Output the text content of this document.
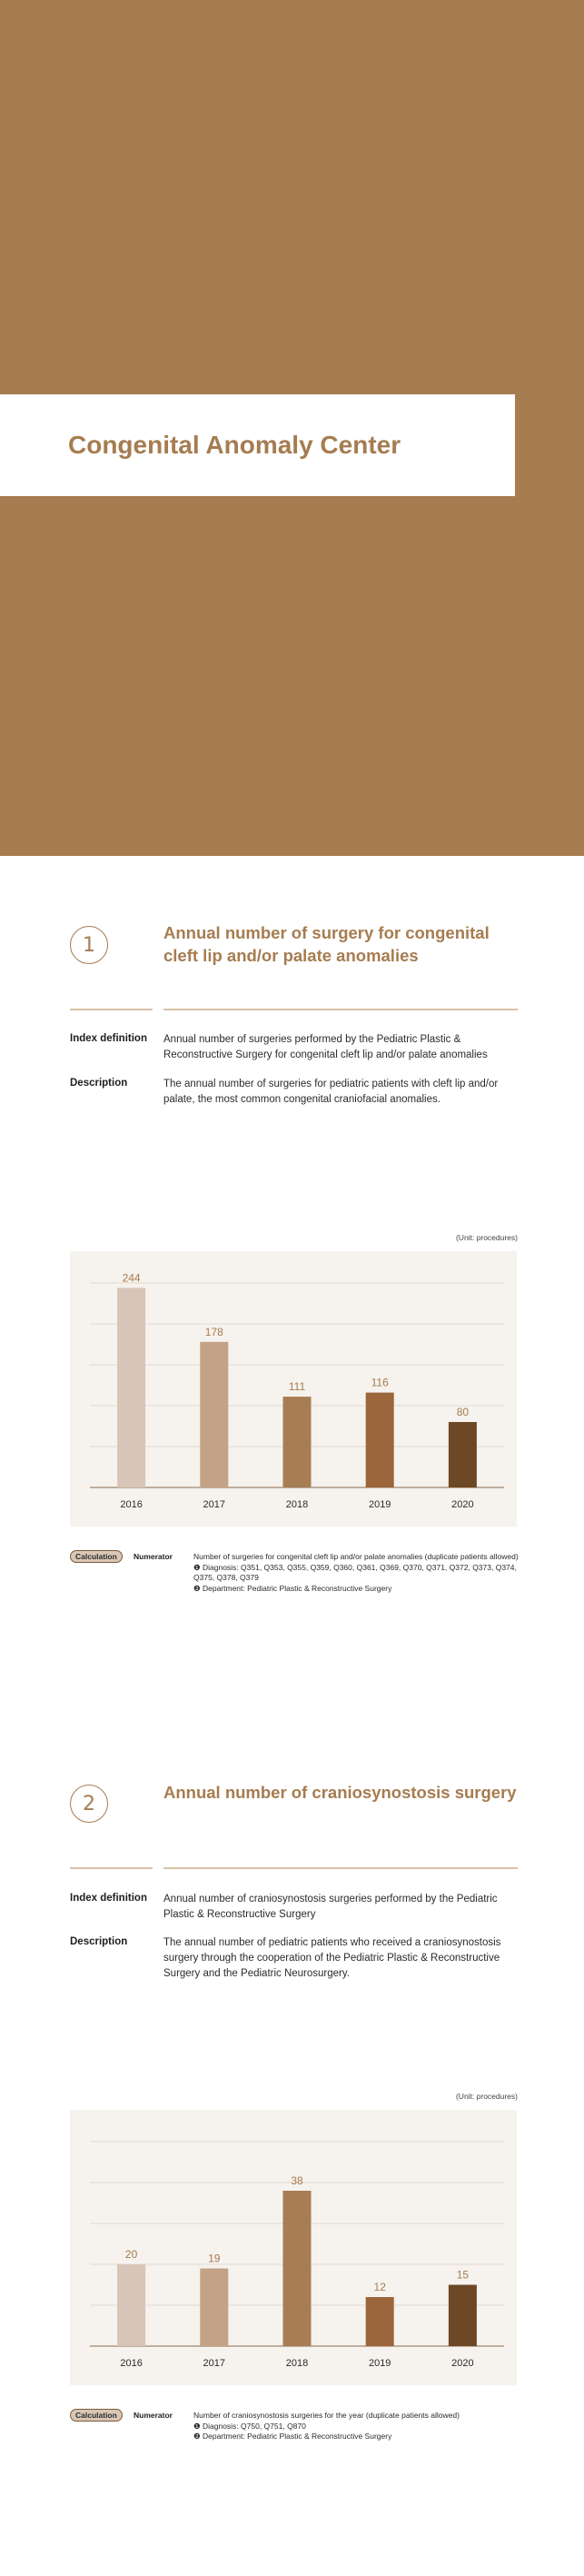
Congenital Anomaly Center
1
Annual number of surgery for congenital cleft lip and/or palate anomalies
Index definition Annual number of surgeries performed by the Pediatric Plastic & Reconstructive Surgery for congenital cleft lip and/or palate anomalies
Description	The annual number of surgeries for pediatric patients with cleft lip and/or palate, the most common congenital craniofacial anomalies.
(Unit: procedures)
244
2016
178
2017
111
2018
116
2019
80
2020
Calculation	Numerator	Number of surgeries for congenital cleft lip and/or palate anomalies (duplicate patients allowed)
❶ Diagnosis: Q351, Q353, Q355, Q359, Q360, Q361, Q369, Q370, Q371, Q372, Q373, Q374, Q375, Q378, Q379
❷ Department: Pediatric Plastic & Reconstructive Surgery
2	Annual number of craniosynostosis surgery
Index definition Annual number of craniosynostosis surgeries performed by the Pediatric Plastic & Reconstructive Surgery
Description	The annual number of pediatric patients who received a craniosynostosis surgery through the cooperation of the Pediatric Plastic & Reconstructive Surgery and the Pediatric Neurosurgery.
(Unit: procedures)
20
2016
19
2017
38
2018
12
2019
15
2020
Calculation	Numerator	Number of craniosynostosis surgeries for the year (duplicate patients allowed)
❶ Diagnosis: Q750, Q751, Q870
❷ Department: Pediatric Plastic & Reconstructive Surgery
